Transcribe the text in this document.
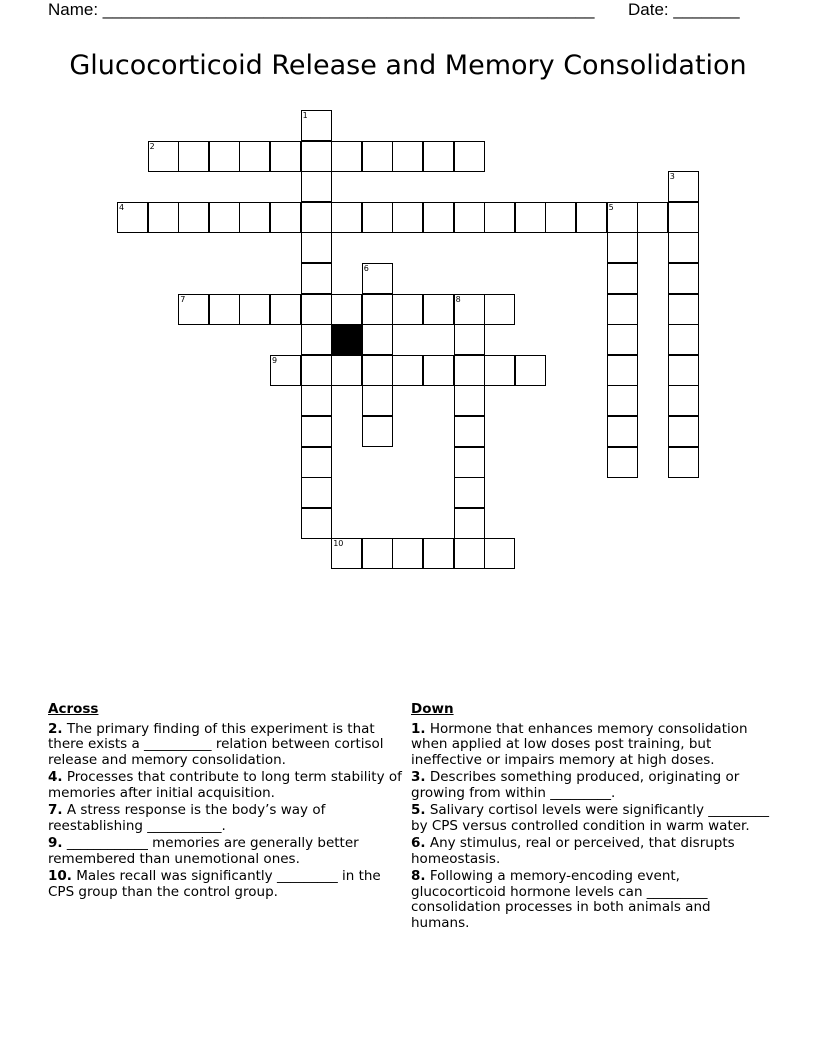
Name: ____________________________________________________ Date: _______
Glucocorticoid Release and Memory Consolidation
2
4	5
7	8
9
10
1
3
6
Across

2. The primary finding of this experiment is that there exists a __________ relation between cortisol release and memory consolidation.

4. Processes that contribute to long term stability of memories after initial acquisition.

7. A stress response is the body’s way of reestablishing ___________.

9. ____________ memories are generally better remembered than unemotional ones.

10. Males recall was significantly _________ in the CPS group than the control group.

Down

1. Hormone that enhances memory consolidation when applied at low doses post training, but ineffective or impairs memory at high doses.

3. Describes something produced, originating or growing from within _________.

5. Salivary cortisol levels were significantly _________ by CPS versus controlled condition in warm water.

6. Any stimulus, real or perceived, that disrupts homeostasis.

8. Following a memory-encoding event, glucocorticoid hormone levels can _________ consolidation processes in both animals and humans.
